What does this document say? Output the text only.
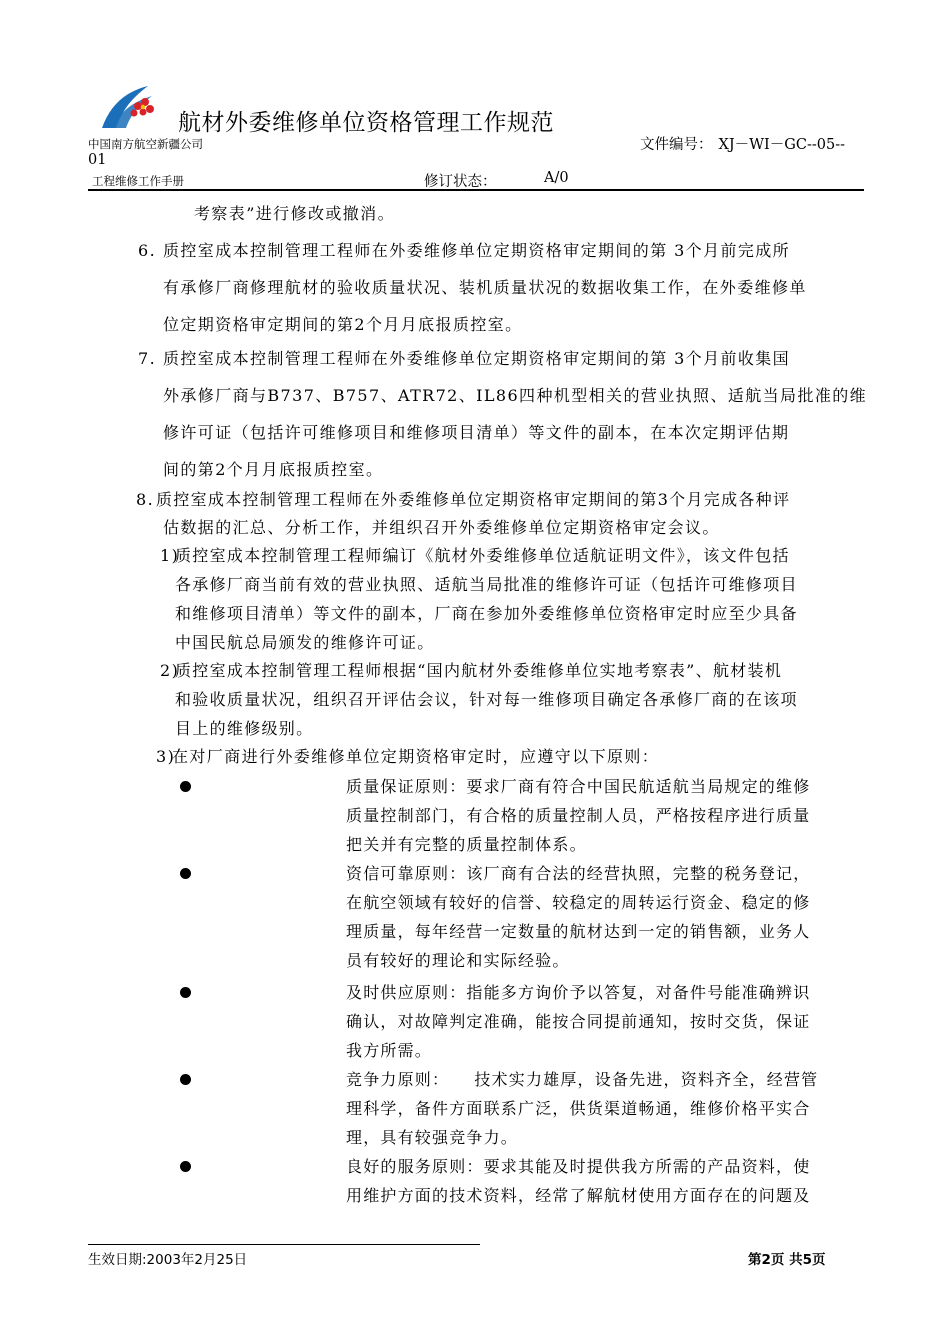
航材外委维修单位资格管理工作规范
中国南方航空新疆公司	文件编号： XJ－WI－GC--05--
01
工程维修工作手册	修订状态：	A/0
考察表”进行修改或撤消。
6. 质控室成本控制管理工程师在外委维修单位定期资格审定期间的第 3个月前完成所
有承修厂商修理航材的验收质量状况、装机质量状况的数据收集工作，在外委维修单
位定期资格审定期间的第2个月月底报质控室。
7. 质控室成本控制管理工程师在外委维修单位定期资格审定期间的第 3个月前收集国
外承修厂商与B737、B757、ATR72、IL86四种机型相关的营业执照、适航当局批准的维
修许可证（包括许可维修项目和维修项目清单）等文件的副本，在本次定期评估期
间的第2个月月底报质控室。
8. 质控室成本控制管理工程师在外委维修单位定期资格审定期间的第3个月完成各种评
估数据的汇总、分析工作，并组织召开外委维修单位定期资格审定会议。
1)
质控室成本控制管理工程师编订《航材外委维修单位适航证明文件》，该文件包括
各承修厂商当前有效的营业执照、适航当局批准的维修许可证（包括许可维修项目
和维修项目清单）等文件的副本，厂商在参加外委维修单位资格审定时应至少具备
中国民航总局颁发的维修许可证。
2)
质控室成本控制管理工程师根据“国内航材外委维修单位实地考察表”、航材装机
和验收质量状况，组织召开评估会议，针对每一维修项目确定各承修厂商的在该项
目上的维修级别。
3)
在对厂商进行外委维修单位定期资格审定时，应遵守以下原则：
质量保证原则：要求厂商有符合中国民航适航当局规定的维修
质量控制部门，有合格的质量控制人员，严格按程序进行质量
把关并有完整的质量控制体系。
资信可靠原则：该厂商有合法的经营执照，完整的税务登记，
在航空领域有较好的信誉、较稳定的周转运行资金、稳定的修
理质量，每年经营一定数量的航材达到一定的销售额，业务人
员有较好的理论和实际经验。
及时供应原则：指能多方询价予以答复，对备件号能准确辨识
确认，对故障判定准确，能按合同提前通知，按时交货，保证
我方所需。
竞争力原则：    技术实力雄厚，设备先进，资料齐全，经营管
理科学，备件方面联系广泛，供货渠道畅通，维修价格平实合
理，具有较强竞争力。
良好的服务原则：要求其能及时提供我方所需的产品资料，使
用维护方面的技术资料，经常了解航材使用方面存在的问题及
生效日期:2003年2月25日	第2页 共5页
